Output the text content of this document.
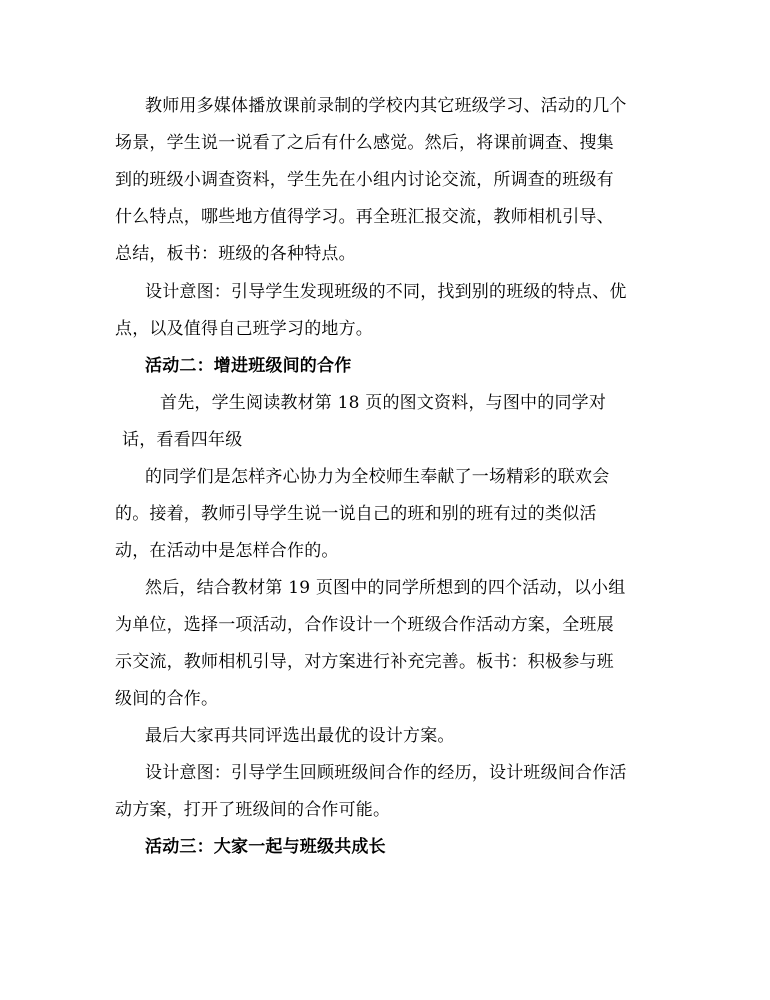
教师用多媒体播放课前录制的学校内其它班级学习、活动的几个
场景，学生说一说看了之后有什么感觉。然后，将课前调查、搜集
到的班级小调查资料，学生先在小组内讨论交流，所调查的班级有
什么特点，哪些地方值得学习。再全班汇报交流，教师相机引导、
总结，板书：班级的各种特点。
设计意图：引导学生发现班级的不同，找到别的班级的特点、优
点，以及值得自己班学习的地方。
活动二：增进班级间的合作
首先，学生阅读教材第 18 页的图文资料，与图中的同学对
话，看看四年级
的同学们是怎样齐心协力为全校师生奉献了一场精彩的联欢会
的。接着，教师引导学生说一说自己的班和别的班有过的类似活
动，在活动中是怎样合作的。
然后，结合教材第 19 页图中的同学所想到的四个活动，以小组
为单位，选择一项活动，合作设计一个班级合作活动方案，全班展
示交流，教师相机引导，对方案进行补充完善。板书：积极参与班
级间的合作。
最后大家再共同评选出最优的设计方案。
设计意图：引导学生回顾班级间合作的经历，设计班级间合作活
动方案，打开了班级间的合作可能。
活动三：大家一起与班级共成长
